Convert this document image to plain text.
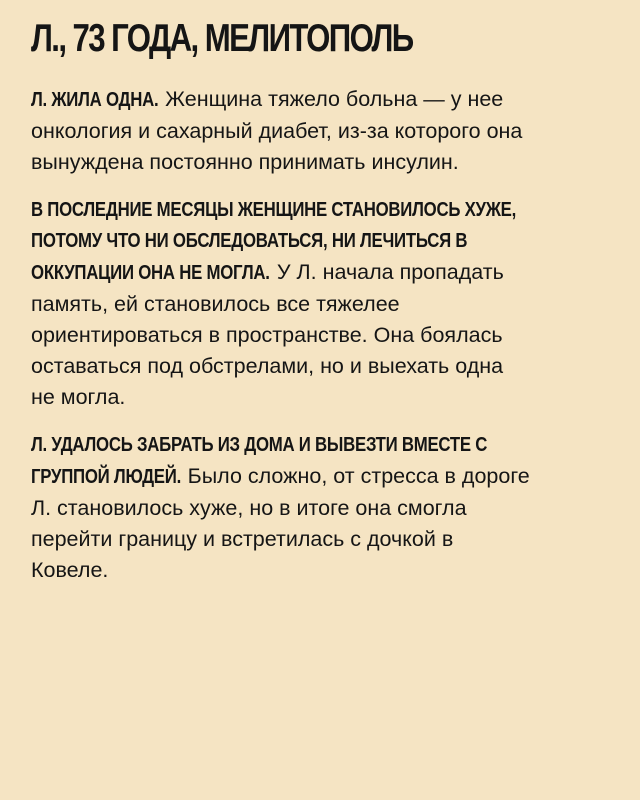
Л., 73 ГОДА, МЕЛИТОПОЛЬ
Л. ЖИЛА ОДНА. Женщина тяжело больна — у нее
онкология и сахарный диабет, из-за которого она
вынуждена постоянно принимать инсулин.
В ПОСЛЕДНИЕ МЕСЯЦЫ ЖЕНЩИНЕ СТАНОВИЛОСЬ ХУЖЕ,
ПОТОМУ ЧТО НИ ОБСЛЕДОВАТЬСЯ, НИ ЛЕЧИТЬСЯ В
ОККУПАЦИИ ОНА НЕ МОГЛА. У Л. начала пропадать
память, ей становилось все тяжелее
ориентироваться в пространстве. Она боялась
оставаться под обстрелами, но и выехать одна
не могла.
Л. УДАЛОСЬ ЗАБРАТЬ ИЗ ДОМА И ВЫВЕЗТИ ВМЕСТЕ С
ГРУППОЙ ЛЮДЕЙ. Было сложно, от стресса в дороге
Л. становилось хуже, но в итоге она смогла
перейти границу и встретилась с дочкой в
Ковеле.
